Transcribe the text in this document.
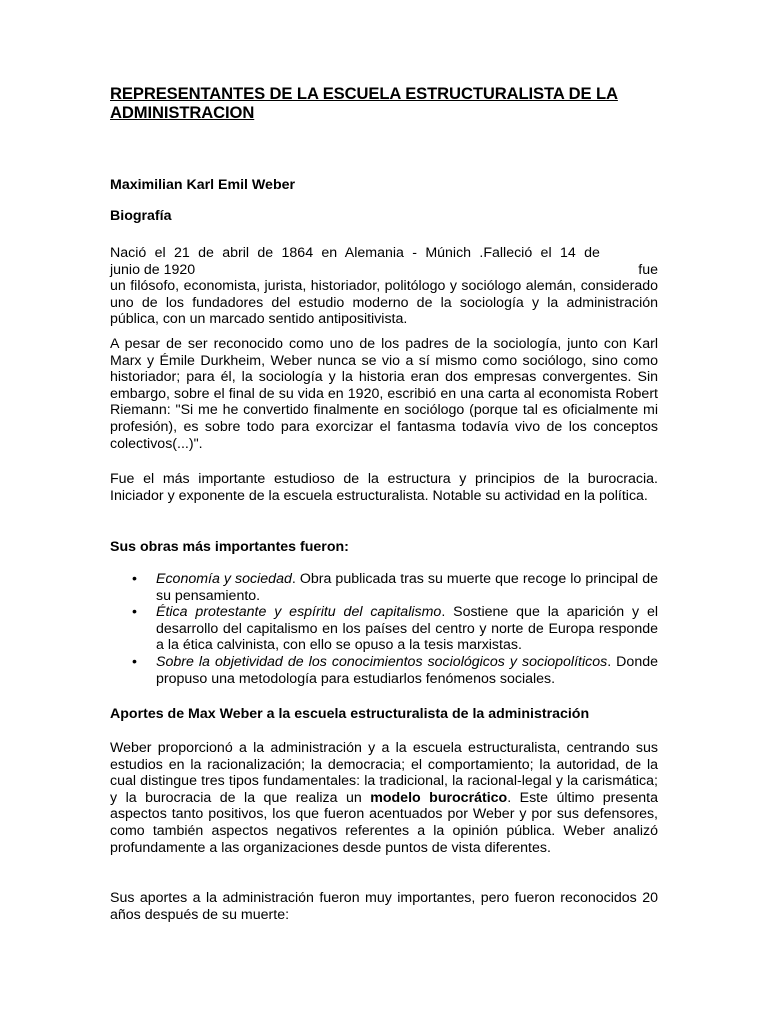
REPRESENTANTES DE LA ESCUELA ESTRUCTURALISTA DE LA ADMINISTRACION
Maximilian Karl Emil Weber
Biografía

Nació el 21 de abril de 1864 en Alemania - Múnich .Falleció el 14 de

junio de 1920	fue

un filósofo, economista, jurista, historiador, politólogo y sociólogo alemán, considerado uno de los fundadores del estudio moderno de la sociología y la administración pública, con un marcado sentido antipositivista.

A pesar de ser reconocido como uno de los padres de la sociología, junto con Karl Marx y Émile Durkheim, Weber nunca se vio a sí mismo como sociólogo, sino como historiador; para él, la sociología y la historia eran dos empresas convergentes. Sin embargo, sobre el final de su vida en 1920, escribió en una carta al economista Robert Riemann: "Si me he convertido finalmente en sociólogo (porque tal es oficialmente mi profesión), es sobre todo para exorcizar el fantasma todavía vivo de los conceptos colectivos(...)".

Fue el más importante estudioso de la estructura y principios de la burocracia. Iniciador y exponente de la escuela estructuralista. Notable su actividad en la política.

Sus obras más importantes fueron:
• Economía y sociedad. Obra publicada tras su muerte que recoge lo principal de su pensamiento.
• Ética protestante y espíritu del capitalismo. Sostiene que la aparición y el desarrollo del capitalismo en los países del centro y norte de Europa responde a la ética calvinista, con ello se opuso a la tesis marxistas.
• Sobre la objetividad de los conocimientos sociológicos y sociopolíticos. Donde propuso una metodología para estudiarlos fenómenos sociales.
Aportes de Max Weber a la escuela estructuralista de la administración

Weber proporcionó a la administración y a la escuela estructuralista, centrando sus estudios en la racionalización; la democracia; el comportamiento; la autoridad, de la cual distingue tres tipos fundamentales: la tradicional, la racional-legal y la carismática; y la burocracia de la que realiza un modelo burocrático. Este último presenta aspectos tanto positivos, los que fueron acentuados por Weber y por sus defensores, como también aspectos negativos referentes a la opinión pública. Weber analizó profundamente a las organizaciones desde puntos de vista diferentes.

Sus aportes a la administración fueron muy importantes, pero fueron reconocidos 20 años después de su muerte:
